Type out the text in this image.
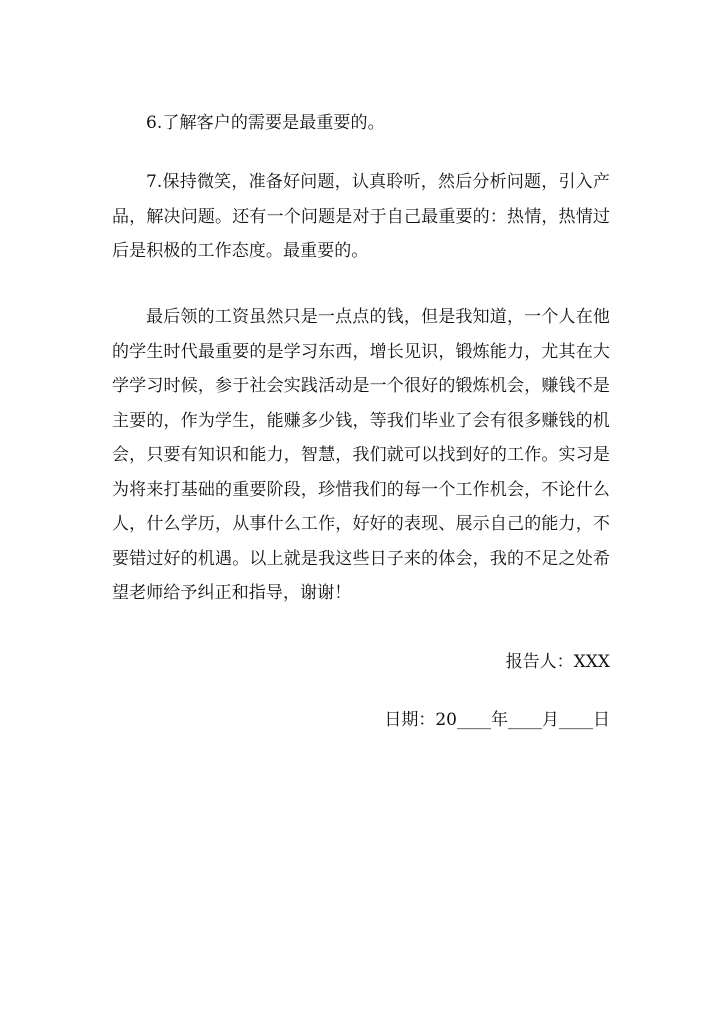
6.了解客户的需要是最重要的。

7.保持微笑，准备好问题，认真聆听，然后分析问题，引入产品，解决问题。还有一个问题是对于自己最重要的：热情，热情过后是积极的工作态度。最重要的。

最后领的工资虽然只是一点点的钱，但是我知道，一个人在他的学生时代最重要的是学习东西，增长见识，锻炼能力，尤其在大学学习时候，参于社会实践活动是一个很好的锻炼机会，赚钱不是主要的，作为学生，能赚多少钱，等我们毕业了会有很多赚钱的机会，只要有知识和能力，智慧，我们就可以找到好的工作。实习是为将来打基础的重要阶段，珍惜我们的每一个工作机会，不论什么人，什么学历，从事什么工作，好好的表现、展示自己的能力，不要错过好的机遇。以上就是我这些日子来的体会，我的不足之处希望老师给予纠正和指导，谢谢！

报告人：XXX
日期：20____年____月____日
